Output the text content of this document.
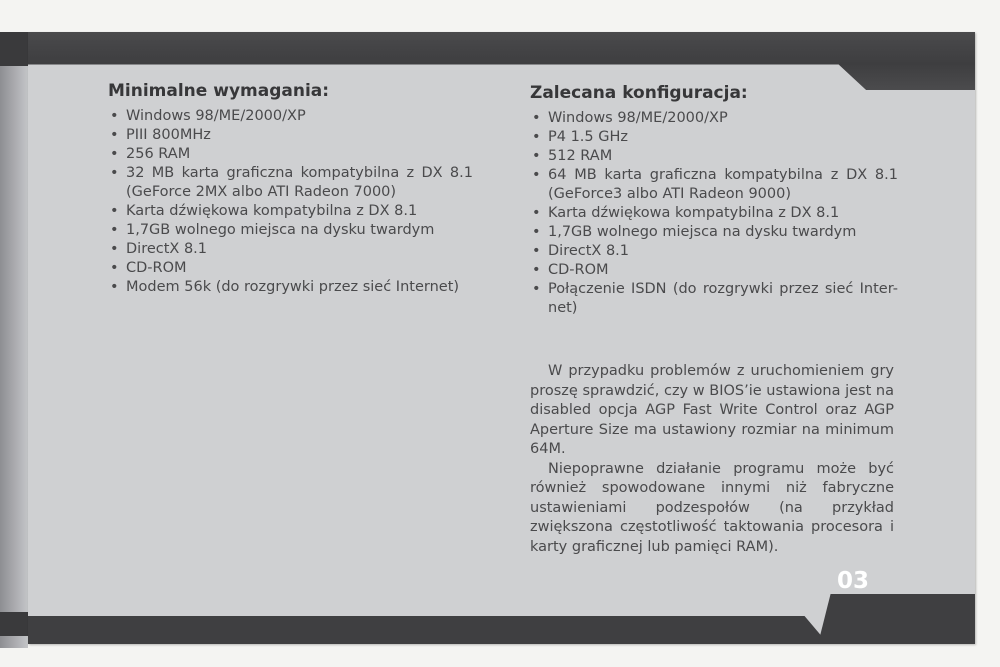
03
Minimalne wymagania:
• Windows 98/ME/2000/XP
• PIII 800MHz
• 256 RAM
• 32 MB karta graficzna kompatybilna z DX 8.1 (GeForce 2MX albo ATI Radeon 7000)
• Karta dźwiękowa kompatybilna z DX 8.1
• 1,7GB wolnego miejsca na dysku twardym
• DirectX 8.1
• CD-ROM
• Modem 56k (do rozgrywki przez sieć Internet)
Zalecana konfiguracja:
• Windows 98/ME/2000/XP
• P4 1.5 GHz
• 512 RAM
• 64 MB karta graficzna kompatybilna z DX 8.1 (GeForce3 albo ATI Radeon 9000)
• Karta dźwiękowa kompatybilna z DX 8.1
• 1,7GB wolnego miejsca na dysku twardym
• DirectX 8.1
• CD-ROM
• Połączenie ISDN (do rozgrywki przez sieć Inter-net)

W przypadku problemów z uruchomieniem gry proszę sprawdzić, czy w BIOS’ie ustawiona jest na disabled opcja AGP Fast Write Control oraz AGP Aperture Size ma ustawiony rozmiar na minimum 64M.

Niepoprawne działanie programu może być również spowodowane innymi niż fabryczne ustawieniami podzespołów (na przykład zwiększona częstotliwość taktowania procesora i karty graficznej lub pamięci RAM).
